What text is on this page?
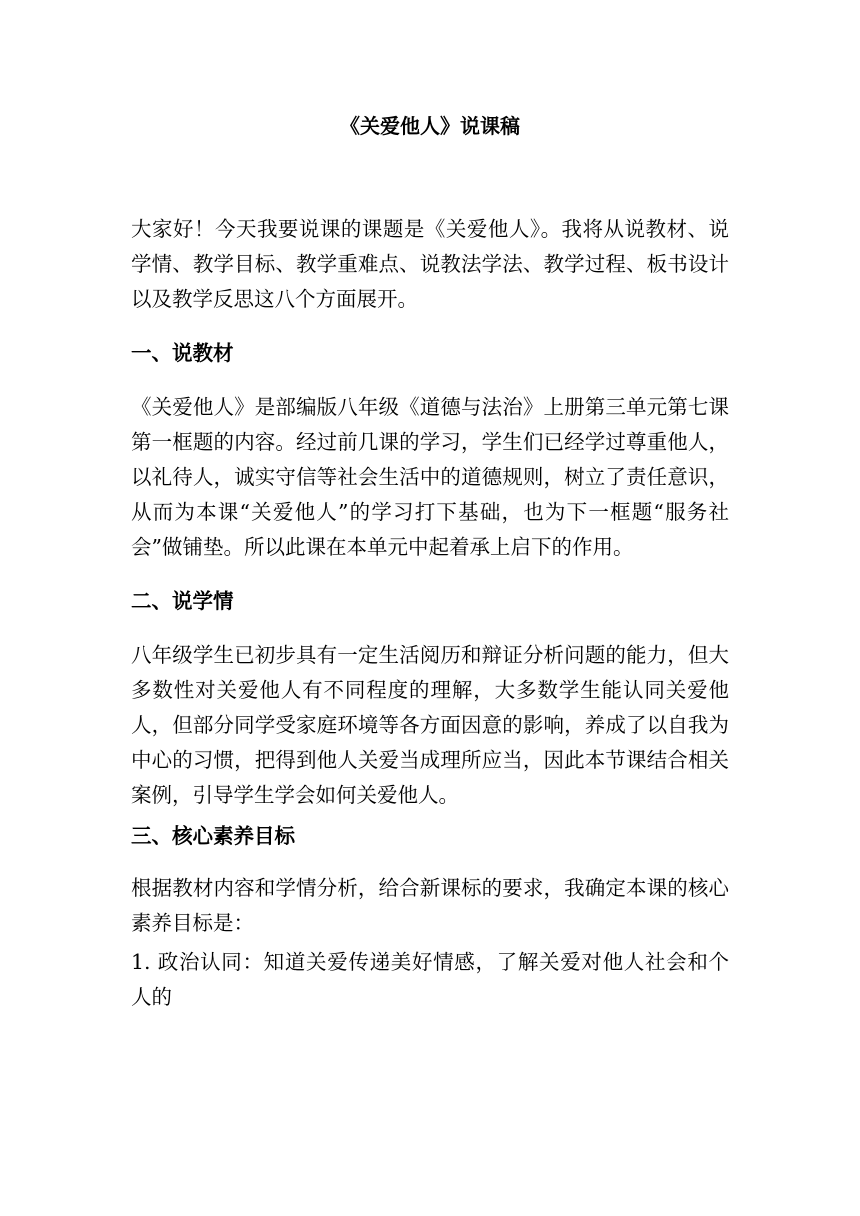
《关爱他人》说课稿

大家好！今天我要说课的课题是《关爱他人》。我将从说教材、说学情、教学目标、教学重难点、说教法学法、教学过程、板书设计以及教学反思这八个方面展开。

一、说教材

《关爱他人》是部编版八年级《道德与法治》上册第三单元第七课第一框题的内容。经过前几课的学习，学生们已经学过尊重他人，以礼待人，诚实守信等社会生活中的道德规则，树立了责任意识，从而为本课“关爱他人”的学习打下基础，也为下一框题“服务社会”做铺垫。所以此课在本单元中起着承上启下的作用。

二、说学情

八年级学生已初步具有一定生活阅历和辩证分析问题的能力，但大多数性对关爱他人有不同程度的理解，大多数学生能认同关爱他人，但部分同学受家庭环境等各方面因意的影响，养成了以自我为中心的习惯，把得到他人关爱当成理所应当，因此本节课结合相关案例，引导学生学会如何关爱他人。

三、核心素养目标

根据教材内容和学情分析，给合新课标的要求，我确定本课的核心素养目标是：

1. 政治认同：知道关爱传递美好情感，了解关爱对他人社会和个人的
